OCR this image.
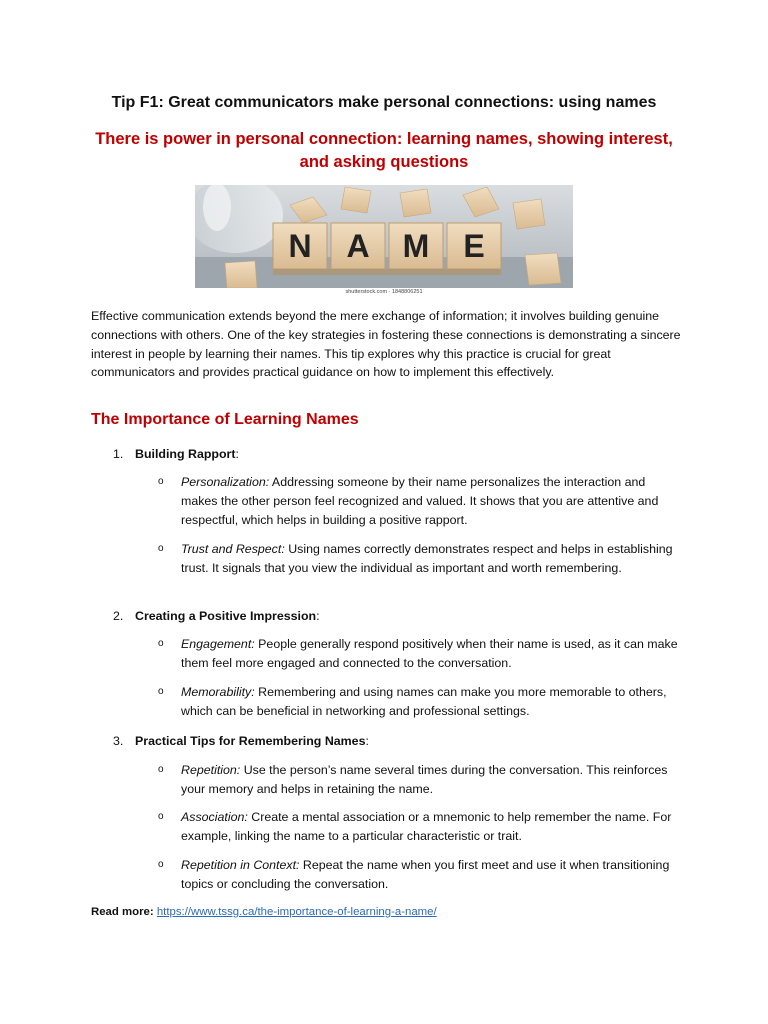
Tip F1: Great communicators make personal connections: using names
There is power in personal connection: learning names, showing interest, and asking questions
N A M E
shutterstock.com · 1848806251
Effective communication extends beyond the mere exchange of information; it involves building genuine connections with others. One of the key strategies in fostering these connections is demonstrating a sincere interest in people by learning their names. This tip explores why this practice is crucial for great communicators and provides practical guidance on how to implement this effectively.
The Importance of Learning Names
1. Building Rapport:
o Personalization: Addressing someone by their name personalizes the interaction and makes the other person feel recognized and valued. It shows that you are attentive and respectful, which helps in building a positive rapport.
o Trust and Respect: Using names correctly demonstrates respect and helps in establishing trust. It signals that you view the individual as important and worth remembering.
2. Creating a Positive Impression:
o Engagement: People generally respond positively when their name is used, as it can make them feel more engaged and connected to the conversation.
o Memorability: Remembering and using names can make you more memorable to others, which can be beneficial in networking and professional settings.
3. Practical Tips for Remembering Names:
o Repetition: Use the person’s name several times during the conversation. This reinforces your memory and helps in retaining the name.
o Association: Create a mental association or a mnemonic to help remember the name. For example, linking the name to a particular characteristic or trait.
o Repetition in Context: Repeat the name when you first meet and use it when transitioning topics or concluding the conversation.
Read more: https://www.tssg.ca/the-importance-of-learning-a-name/
